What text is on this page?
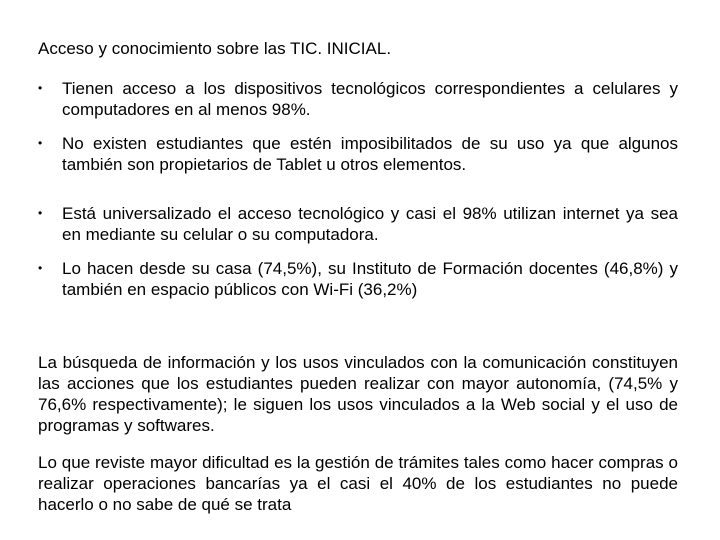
Acceso y conocimiento sobre las TIC. INICIAL.
• Tienen acceso a los dispositivos tecnológicos correspondientes a celulares y computadores en al menos 98%.
• No existen estudiantes que estén imposibilitados de su uso ya que algunos también son propietarios de Tablet u otros elementos.
• Está universalizado el acceso tecnológico y casi el 98% utilizan internet ya sea en mediante su celular o su computadora.
• Lo hacen desde su casa (74,5%), su Instituto de Formación docentes (46,8%) y también en espacio públicos con Wi-Fi (36,2%)

La búsqueda de información y los usos vinculados con la comunicación constituyen las acciones que los estudiantes pueden realizar con mayor autonomía, (74,5% y 76,6% respectivamente); le siguen los usos vinculados a la Web social y el uso de programas y softwares.

Lo que reviste mayor dificultad es la gestión de trámites tales como hacer compras o realizar operaciones bancarías ya el casi el 40% de los estudiantes no puede hacerlo o no sabe de qué se trata
